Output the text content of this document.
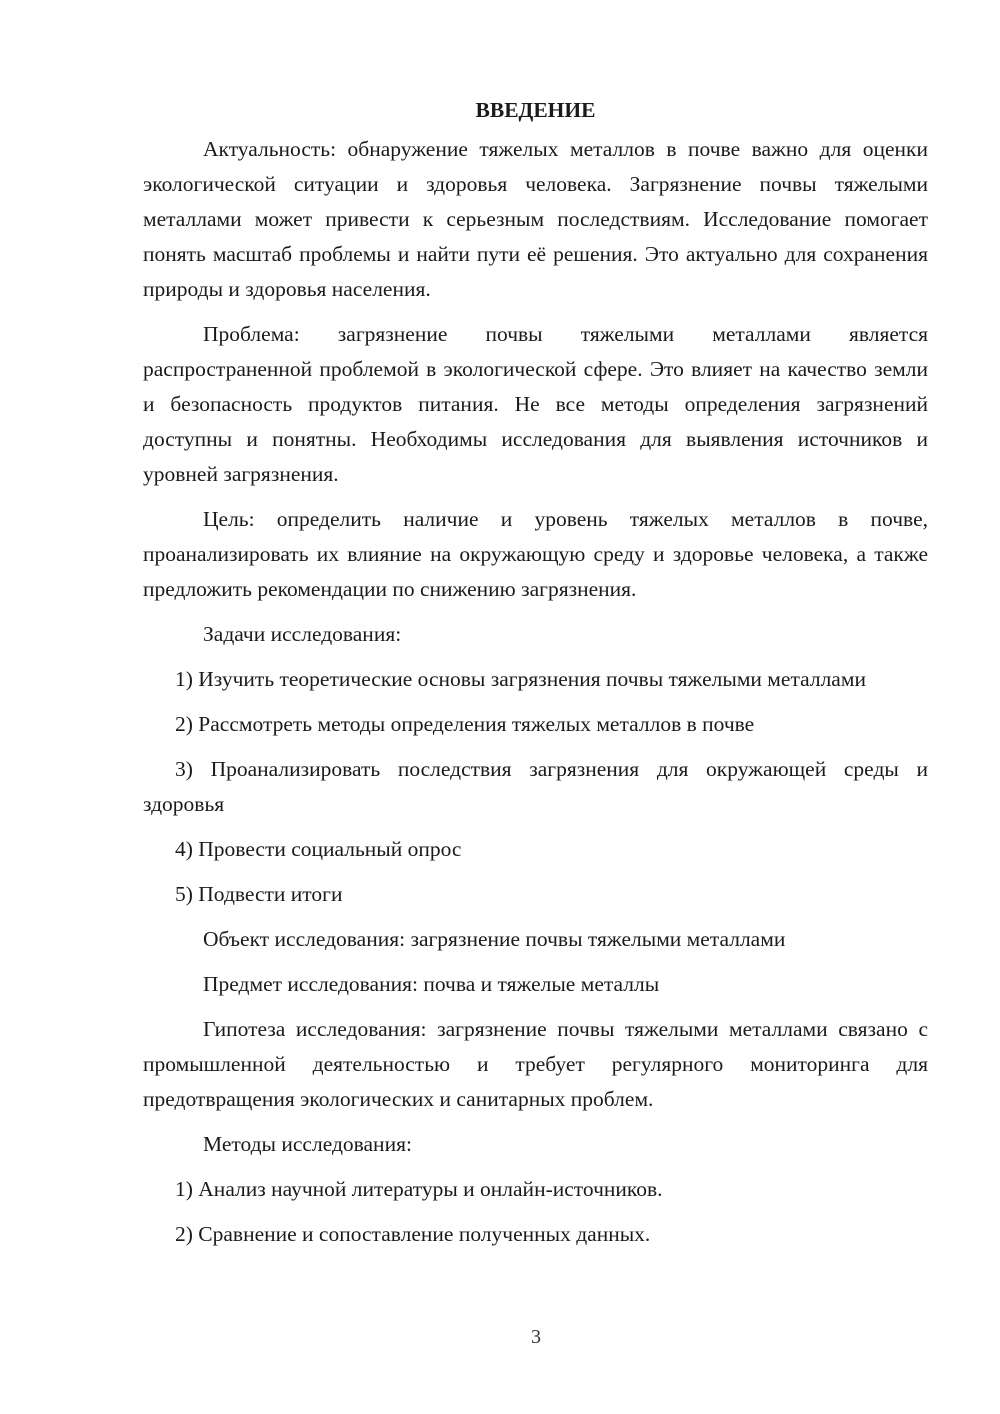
ВВЕДЕНИЕ

Актуальность: обнаружение тяжелых металлов в почве важно для оценки экологической ситуации и здоровья человека. Загрязнение почвы тяжелыми металлами может привести к серьезным последствиям. Исследование помогает понять масштаб проблемы и найти пути её решения. Это актуально для сохранения природы и здоровья населения.

Проблема: загрязнение почвы тяжелыми металлами является распространенной проблемой в экологической сфере. Это влияет на качество земли и безопасность продуктов питания. Не все методы определения загрязнений доступны и понятны. Необходимы исследования для выявления источников и уровней загрязнения.

Цель: определить наличие и уровень тяжелых металлов в почве, проанализировать их влияние на окружающую среду и здоровье человека, а также предложить рекомендации по снижению загрязнения.

Задачи исследования:

1) Изучить теоретические основы загрязнения почвы тяжелыми металлами

2) Рассмотреть методы определения тяжелых металлов в почве

3) Проанализировать последствия загрязнения для окружающей среды и здоровья

4) Провести социальный опрос

5) Подвести итоги

Объект исследования: загрязнение почвы тяжелыми металлами

Предмет исследования: почва и тяжелые металлы

Гипотеза исследования: загрязнение почвы тяжелыми металлами связано с промышленной деятельностью и требует регулярного мониторинга для предотвращения экологических и санитарных проблем.

Методы исследования:

1) Анализ научной литературы и онлайн-источников.

2) Сравнение и сопоставление полученных данных.

3
